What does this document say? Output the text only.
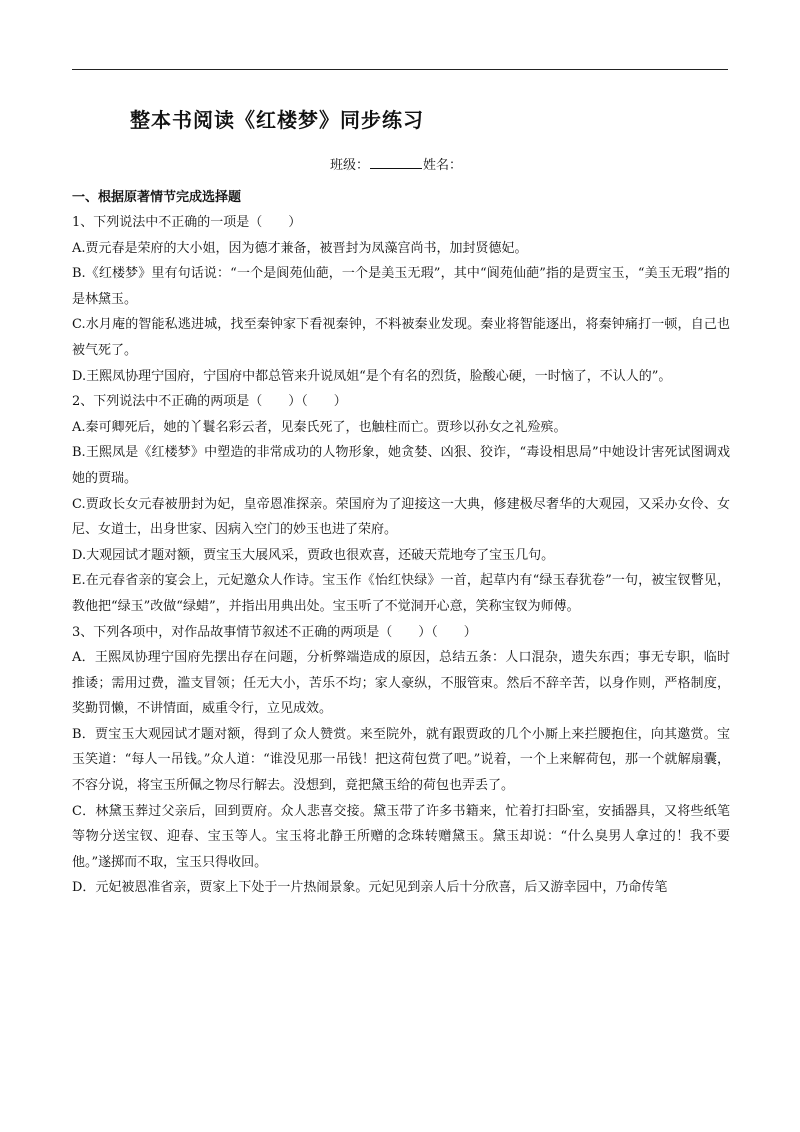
整本书阅读《红楼梦》同步练习
班级：	姓名：
一、根据原著情节完成选择题

1、下列说法中不正确的一项是（　　）

A.贾元春是荣府的大小姐，因为德才兼备，被晋封为凤藻宫尚书，加封贤德妃。

B.《红楼梦》里有句话说：“一个是阆苑仙葩，一个是美玉无瑕”，其中“阆苑仙葩”指的是贾宝玉，“美玉无瑕”指的是林黛玉。

C.水月庵的智能私逃进城，找至秦钟家下看视秦钟，不料被秦业发现。秦业将智能逐出，将秦钟痛打一顿，自己也被气死了。

D.王熙凤协理宁国府，宁国府中都总管来升说凤姐“是个有名的烈货，脸酸心硬，一时恼了，不认人的”。

2、下列说法中不正确的两项是（　　）（　　）

A.秦可卿死后，她的丫鬟名彩云者，见秦氏死了，也触柱而亡。贾珍以孙女之礼殓殡。

B.王熙凤是《红楼梦》中塑造的非常成功的人物形象，她贪婪、凶狠、狡诈，“毒设相思局”中她设计害死试图调戏她的贾瑞。

C.贾政长女元春被册封为妃，皇帝恩准探亲。荣国府为了迎接这一大典，修建极尽奢华的大观园，又采办女伶、女尼、女道士，出身世家、因病入空门的妙玉也进了荣府。

D.大观园试才题对额，贾宝玉大展风采，贾政也很欢喜，还破天荒地夸了宝玉几句。

E.在元春省亲的宴会上，元妃邀众人作诗。宝玉作《怡红快绿》一首，起草内有“绿玉春犹卷”一句，被宝钗瞥见，教他把“绿玉”改做“绿蜡”，并指出用典出处。宝玉听了不觉洞开心意，笑称宝钗为师傅。

3、下列各项中，对作品故事情节叙述不正确的两项是（　　）（　　）

A．王熙凤协理宁国府先摆出存在问题，分析弊端造成的原因，总结五条：人口混杂，遗失东西；事无专职，临时推诿；需用过费，滥支冒领；任无大小，苦乐不均；家人豪纵，不服管束。然后不辞辛苦，以身作则，严格制度，奖勤罚懒，不讲情面，威重令行，立见成效。

B．贾宝玉大观园试才题对额，得到了众人赞赏。来至院外，就有跟贾政的几个小厮上来拦腰抱住，向其邀赏。宝玉笑道：“每人一吊钱。”众人道：“谁没见那一吊钱！把这荷包赏了吧。”说着，一个上来解荷包，那一个就解扇囊，不容分说，将宝玉所佩之物尽行解去。没想到，竟把黛玉给的荷包也弄丢了。

C．林黛玉葬过父亲后，回到贾府。众人悲喜交接。黛玉带了许多书籍来，忙着打扫卧室，安插器具，又将些纸笔等物分送宝钗、迎春、宝玉等人。宝玉将北静王所赠的念珠转赠黛玉。黛玉却说：“什么臭男人拿过的！我不要他。”遂掷而不取，宝玉只得收回。

D．元妃被恩准省亲，贾家上下处于一片热闹景象。元妃见到亲人后十分欣喜，后又游幸园中，乃命传笔
